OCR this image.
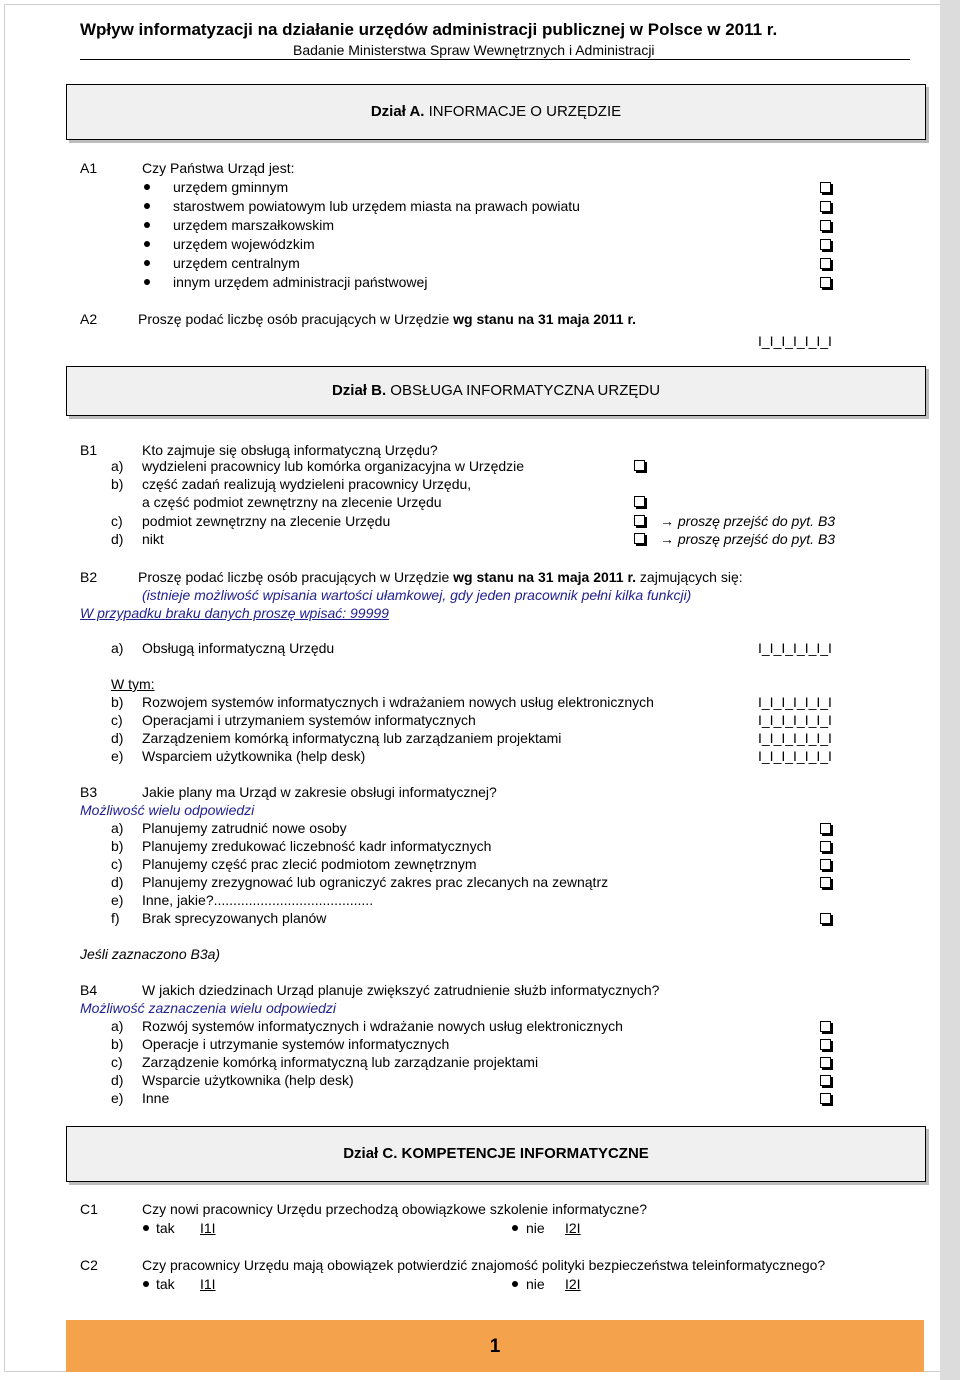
Wpływ informatyzacji na działanie urzędów administracji publicznej w Polsce w 2011 r.
Badanie Ministerstwa Spraw Wewnętrznych i Administracji
Dział A. INFORMACJE O URZĘDZIE
A1	Czy Państwa Urząd jest:
urzędem gminnym
starostwem powiatowym lub urzędem miasta na prawach powiatu
urzędem marszałkowskim
urzędem wojewódzkim
urzędem centralnym
innym urzędem administracji państwowej
A2	Proszę podać liczbę osób pracujących w Urzędzie wg stanu na 31 maja 2011 r.
I_I_I_I_I_I_I
Dział B. OBSŁUGA INFORMATYCZNA URZĘDU
B1	Kto zajmuje się obsługą informatyczną Urzędu?
a) wydzieleni pracownicy lub komórka organizacyjna w Urzędzie
b) część zadań realizują wydzieleni pracownicy Urzędu,
a część podmiot zewnętrzny na zlecenie Urzędu
c) podmiot zewnętrzny na zlecenie Urzędu	→ proszę przejść do pyt. B3
d) nikt	→ proszę przejść do pyt. B3
B2	Proszę podać liczbę osób pracujących w Urzędzie wg stanu na 31 maja 2011 r. zajmujących się:
(istnieje możliwość wpisania wartości ułamkowej, gdy jeden pracownik pełni kilka funkcji)
W przypadku braku danych proszę wpisać: 99999
a) Obsługą informatyczną Urzędu	I_I_I_I_I_I_I
W tym:
b) Rozwojem systemów informatycznych i wdrażaniem nowych usług elektronicznych	I_I_I_I_I_I_I
c) Operacjami i utrzymaniem systemów informatycznych	I_I_I_I_I_I_I
d) Zarządzeniem komórką informatyczną lub zarządzaniem projektami	I_I_I_I_I_I_I
e) Wsparciem użytkownika (help desk)	I_I_I_I_I_I_I
B3	Jakie plany ma Urząd w zakresie obsługi informatycznej?
Możliwość wielu odpowiedzi
a) Planujemy zatrudnić nowe osoby
b) Planujemy zredukować liczebność kadr informatycznych
c) Planujemy część prac zlecić podmiotom zewnętrznym
d) Planujemy zrezygnować lub ograniczyć zakres prac zlecanych na zewnątrz
e) Inne, jakie?.........................................
f) Brak sprecyzowanych planów
Jeśli zaznaczono B3a)
B4	W jakich dziedzinach Urząd planuje zwiększyć zatrudnienie służb informatycznych?
Możliwość zaznaczenia wielu odpowiedzi
a) Rozwój systemów informatycznych i wdrażanie nowych usług elektronicznych
b) Operacje i utrzymanie systemów informatycznych
c) Zarządzenie komórką informatyczną lub zarządzanie projektami
d) Wsparcie użytkownika (help desk)
e) Inne
Dział C. KOMPETENCJE INFORMATYCZNE
C1	Czy nowi pracownicy Urzędu przechodzą obowiązkowe szkolenie informatyczne?
tak I1I	nie I2I
C2	Czy pracownicy Urzędu mają obowiązek potwierdzić znajomość polityki bezpieczeństwa teleinformatycznego?
tak I1I	nie I2I
1
